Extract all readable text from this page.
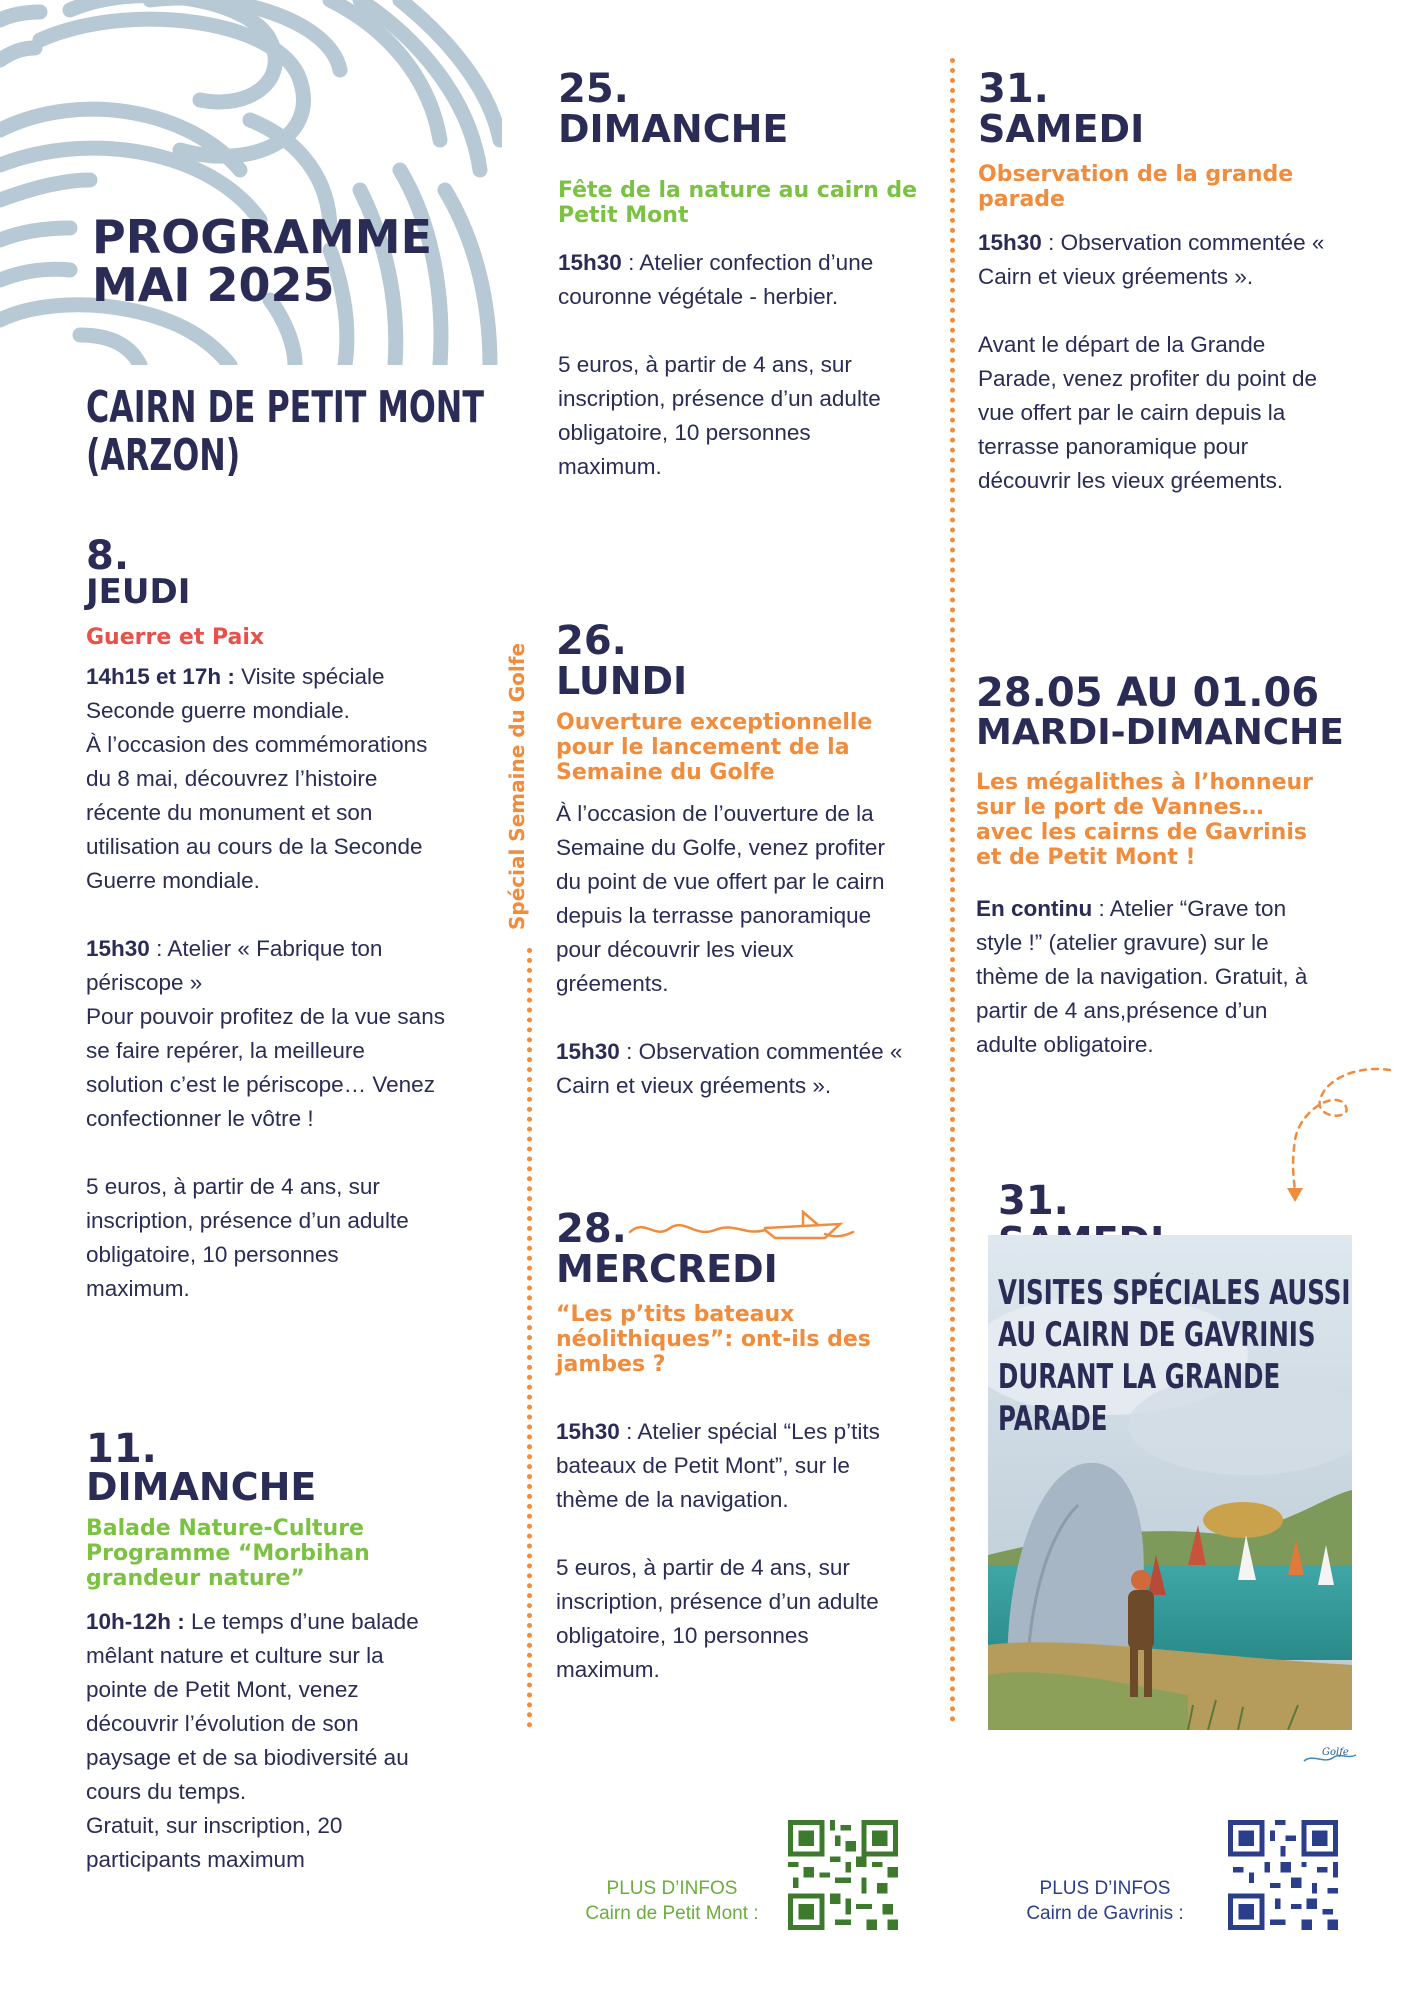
PROGRAMME
MAI 2025
CAIRN DE PETIT MONT
(ARZON)
8.
JEUDI
Guerre et Paix

14h15 et 17h : Visite spéciale Seconde guerre mondiale.
À l’occasion des commémorations du 8 mai, découvrez l’histoire récente du monument et son utilisation au cours de la Seconde Guerre mondiale.

15h30 : Atelier « Fabrique ton périscope »
Pour pouvoir profitez de la vue sans se faire repérer, la meilleure solution c’est le périscope… Venez confectionner le vôtre !

5 euros, à partir de 4 ans, sur inscription, présence d’un adulte obligatoire, 10 personnes maximum.

11.
DIMANCHE
Balade Nature-Culture Programme “Morbihan grandeur nature”

10h-12h : Le temps d’une balade mêlant nature et culture sur la pointe de Petit Mont, venez découvrir l’évolution de son paysage et de sa biodiversité au cours du temps.
Gratuit, sur inscription, 20 participants maximum

Spécial Semaine du Golfe
25.
DIMANCHE
Fête de la nature au cairn de Petit Mont

15h30 : Atelier confection d’une couronne végétale - herbier.

5 euros, à partir de 4 ans, sur inscription, présence d’un adulte obligatoire, 10 personnes maximum.

26.
LUNDI
Ouverture exceptionnelle pour le lancement de la Semaine du Golfe

À l’occasion de l’ouverture de la Semaine du Golfe, venez profiter du point de vue offert par le cairn depuis la terrasse panoramique pour découvrir les vieux gréements.

15h30 : Observation commentée « Cairn et vieux gréements ».

28.
MERCREDI
“Les p’tits bateaux néolithiques”: ont-ils des jambes ?

15h30 : Atelier spécial “Les p’tits bateaux de Petit Mont”, sur le thème de la navigation.

5 euros, à partir de 4 ans, sur inscription, présence d’un adulte obligatoire, 10 personnes maximum.

31.
SAMEDI
Observation de la grande parade

15h30 : Observation commentée « Cairn et vieux gréements ».

Avant le départ de la Grande Parade, venez profiter du point de vue offert par le cairn depuis la terrasse panoramique pour découvrir les vieux gréements.

28.05 AU 01.06
MARDI-DIMANCHE
Les mégalithes à l’honneur sur le port de Vannes… avec les cairns de Gavrinis et de Petit Mont !

En continu : Atelier “Grave ton style !” (atelier gravure) sur le thème de la navigation. Gratuit, à partir de 4 ans,présence d’un adulte obligatoire.

31.
VISITES SPÉCIALES AUSSI
AU CAIRN DE GAVRINIS
DURANT LA GRANDE
PARADE
Golfe
PLUS D’INFOS
Cairn de Petit Mont :
PLUS D’INFOS
Cairn de Gavrinis :
